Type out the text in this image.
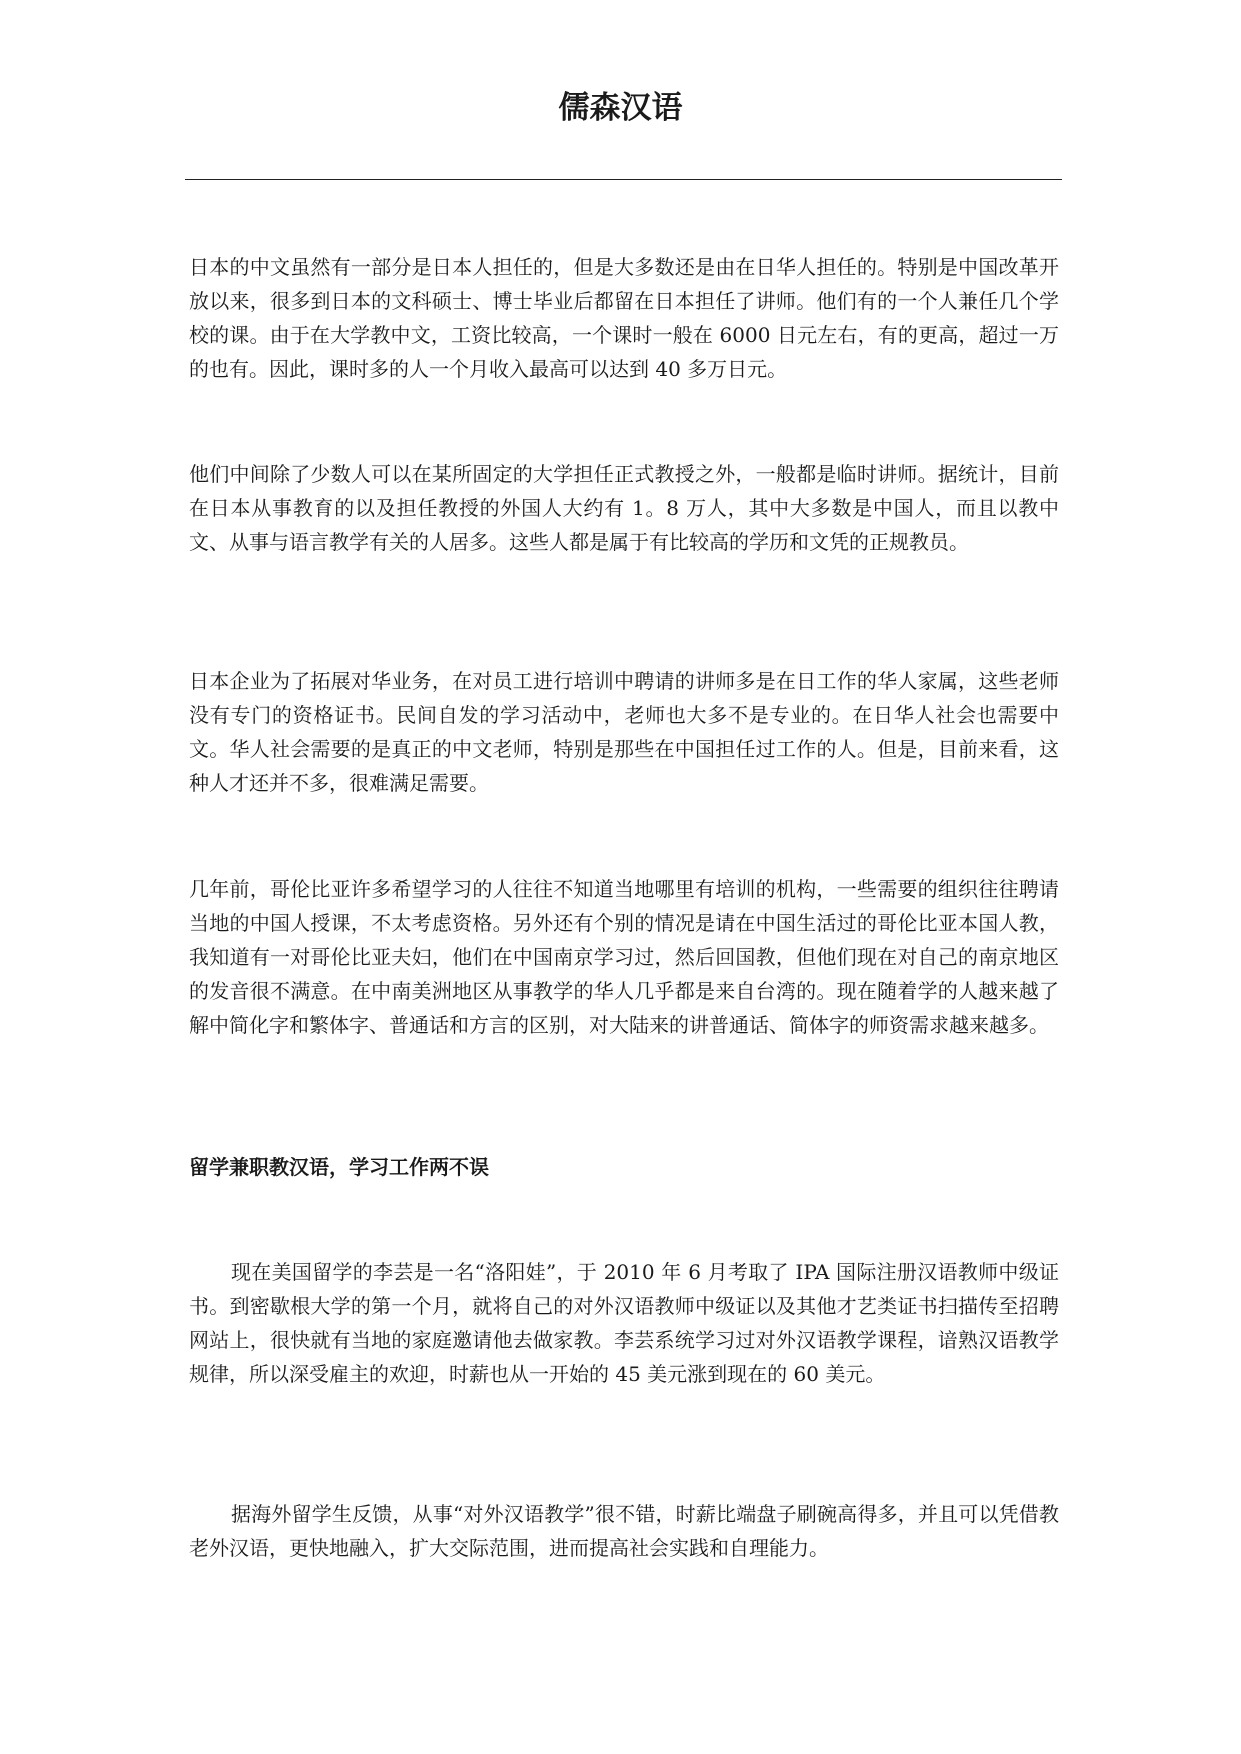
儒森汉语

日本的中文虽然有一部分是日本人担任的，但是大多数还是由在日华人担任的。特别是中国改革开放以来，很多到日本的文科硕士、博士毕业后都留在日本担任了讲师。他们有的一个人兼任几个学校的课。由于在大学教中文，工资比较高，一个课时一般在 6000 日元左右，有的更高，超过一万的也有。因此，课时多的人一个月收入最高可以达到 40 多万日元。

他们中间除了少数人可以在某所固定的大学担任正式教授之外，一般都是临时讲师。据统计，目前在日本从事教育的以及担任教授的外国人大约有 1。8 万人，其中大多数是中国人，而且以教中文、从事与语言教学有关的人居多。这些人都是属于有比较高的学历和文凭的正规教员。

日本企业为了拓展对华业务，在对员工进行培训中聘请的讲师多是在日工作的华人家属，这些老师没有专门的资格证书。民间自发的学习活动中，老师也大多不是专业的。在日华人社会也需要中文。华人社会需要的是真正的中文老师，特别是那些在中国担任过工作的人。但是，目前来看，这种人才还并不多，很难满足需要。

几年前，哥伦比亚许多希望学习的人往往不知道当地哪里有培训的机构，一些需要的组织往往聘请当地的中国人授课，不太考虑资格。另外还有个别的情况是请在中国生活过的哥伦比亚本国人教，我知道有一对哥伦比亚夫妇，他们在中国南京学习过，然后回国教，但他们现在对自己的南京地区的发音很不满意。在中南美洲地区从事教学的华人几乎都是来自台湾的。现在随着学的人越来越了解中简化字和繁体字、普通话和方言的区别，对大陆来的讲普通话、简体字的师资需求越来越多。

留学兼职教汉语，学习工作两不误

现在美国留学的李芸是一名“洛阳娃”，于 2010 年 6 月考取了 IPA 国际注册汉语教师中级证书。到密歇根大学的第一个月，就将自己的对外汉语教师中级证以及其他才艺类证书扫描传至招聘网站上，很快就有当地的家庭邀请他去做家教。李芸系统学习过对外汉语教学课程，谙熟汉语教学规律，所以深受雇主的欢迎，时薪也从一开始的 45 美元涨到现在的 60 美元。

据海外留学生反馈，从事“对外汉语教学”很不错，时薪比端盘子刷碗高得多，并且可以凭借教老外汉语，更快地融入，扩大交际范围，进而提高社会实践和自理能力。
